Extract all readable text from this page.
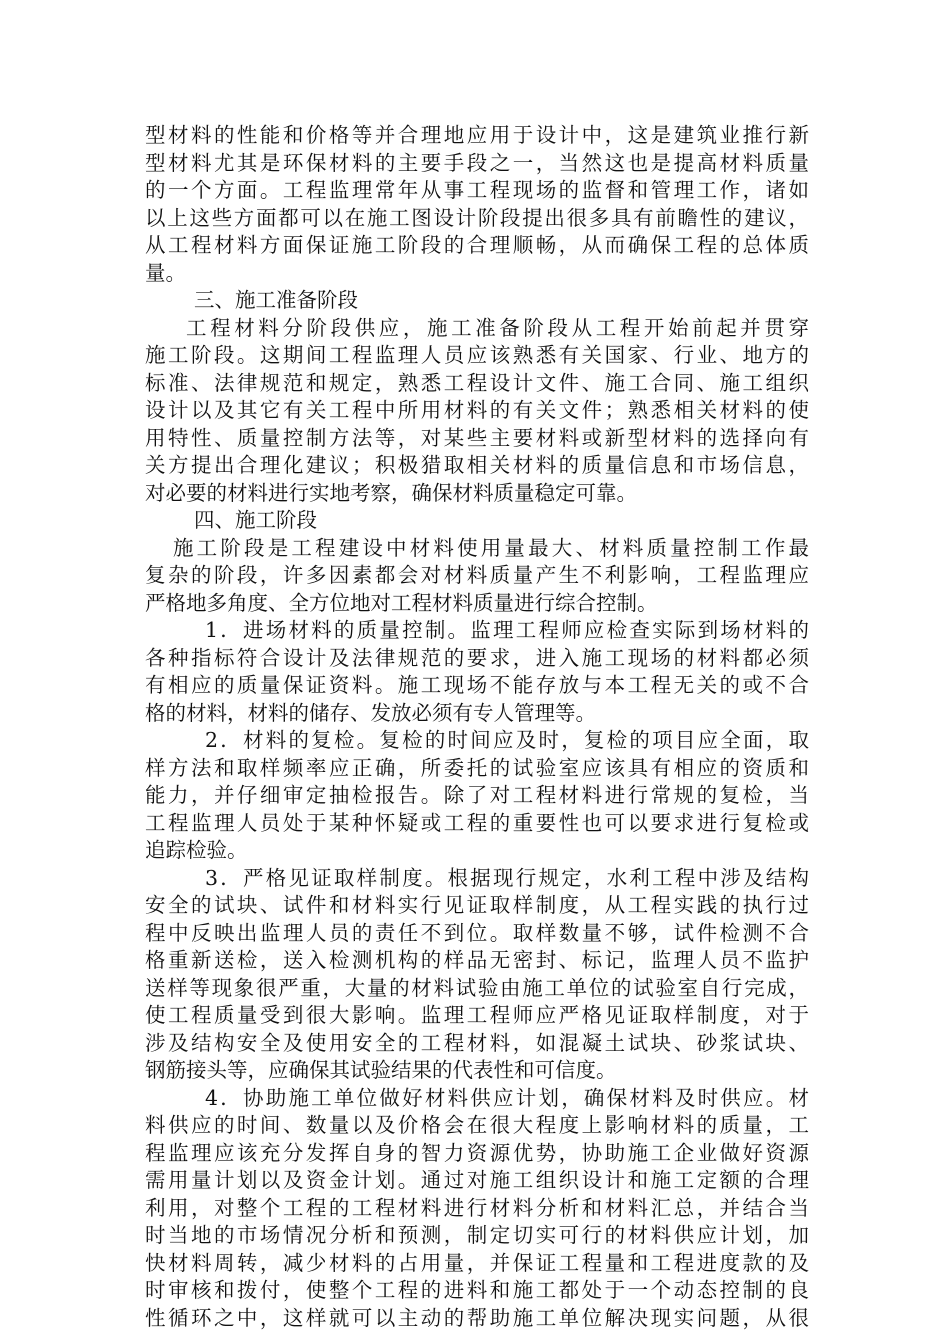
型材料的性能和价格等并合理地应用于设计中，这是建筑业推行新
型材料尤其是环保材料的主要手段之一，当然这也是提高材料质量
的一个方面。工程监理常年从事工程现场的监督和管理工作，诸如
以上这些方面都可以在施工图设计阶段提出很多具有前瞻性的建议，
从工程材料方面保证施工阶段的合理顺畅，从而确保工程的总体质
量。
三、施工准备阶段
工程材料分阶段供应，施工准备阶段从工程开始前起并贯穿
施工阶段。这期间工程监理人员应该熟悉有关国家、行业、地方的
标准、法律规范和规定，熟悉工程设计文件、施工合同、施工组织
设计以及其它有关工程中所用材料的有关文件；熟悉相关材料的使
用特性、质量控制方法等，对某些主要材料或新型材料的选择向有
关方提出合理化建议；积极猎取相关材料的质量信息和市场信息，
对必要的材料进行实地考察，确保材料质量稳定可靠。
四、施工阶段
施工阶段是工程建设中材料使用量最大、材料质量控制工作最
复杂的阶段，许多因素都会对材料质量产生不利影响，工程监理应
严格地多角度、全方位地对工程材料质量进行综合控制。
1．进场材料的质量控制。监理工程师应检查实际到场材料的
各种指标符合设计及法律规范的要求，进入施工现场的材料都必须
有相应的质量保证资料。施工现场不能存放与本工程无关的或不合
格的材料，材料的储存、发放必须有专人管理等。
2．材料的复检。复检的时间应及时，复检的项目应全面，取
样方法和取样频率应正确，所委托的试验室应该具有相应的资质和
能力，并仔细审定抽检报告。除了对工程材料进行常规的复检，当
工程监理人员处于某种怀疑或工程的重要性也可以要求进行复检或
追踪检验。
3．严格见证取样制度。根据现行规定，水利工程中涉及结构
安全的试块、试件和材料实行见证取样制度，从工程实践的执行过
程中反映出监理人员的责任不到位。取样数量不够，试件检测不合
格重新送检，送入检测机构的样品无密封、标记，监理人员不监护
送样等现象很严重，大量的材料试验由施工单位的试验室自行完成，
使工程质量受到很大影响。监理工程师应严格见证取样制度，对于
涉及结构安全及使用安全的工程材料，如混凝土试块、砂浆试块、
钢筋接头等，应确保其试验结果的代表性和可信度。
4．协助施工单位做好材料供应计划，确保材料及时供应。材
料供应的时间、数量以及价格会在很大程度上影响材料的质量，工
程监理应该充分发挥自身的智力资源优势，协助施工企业做好资源
需用量计划以及资金计划。通过对施工组织设计和施工定额的合理
利用，对整个工程的工程材料进行材料分析和材料汇总，并结合当
时当地的市场情况分析和预测，制定切实可行的材料供应计划，加
快材料周转，减少材料的占用量，并保证工程量和工程进度款的及
时审核和拨付，使整个工程的进料和施工都处于一个动态控制的良
性循环之中，这样就可以主动的帮助施工单位解决现实问题，从很
